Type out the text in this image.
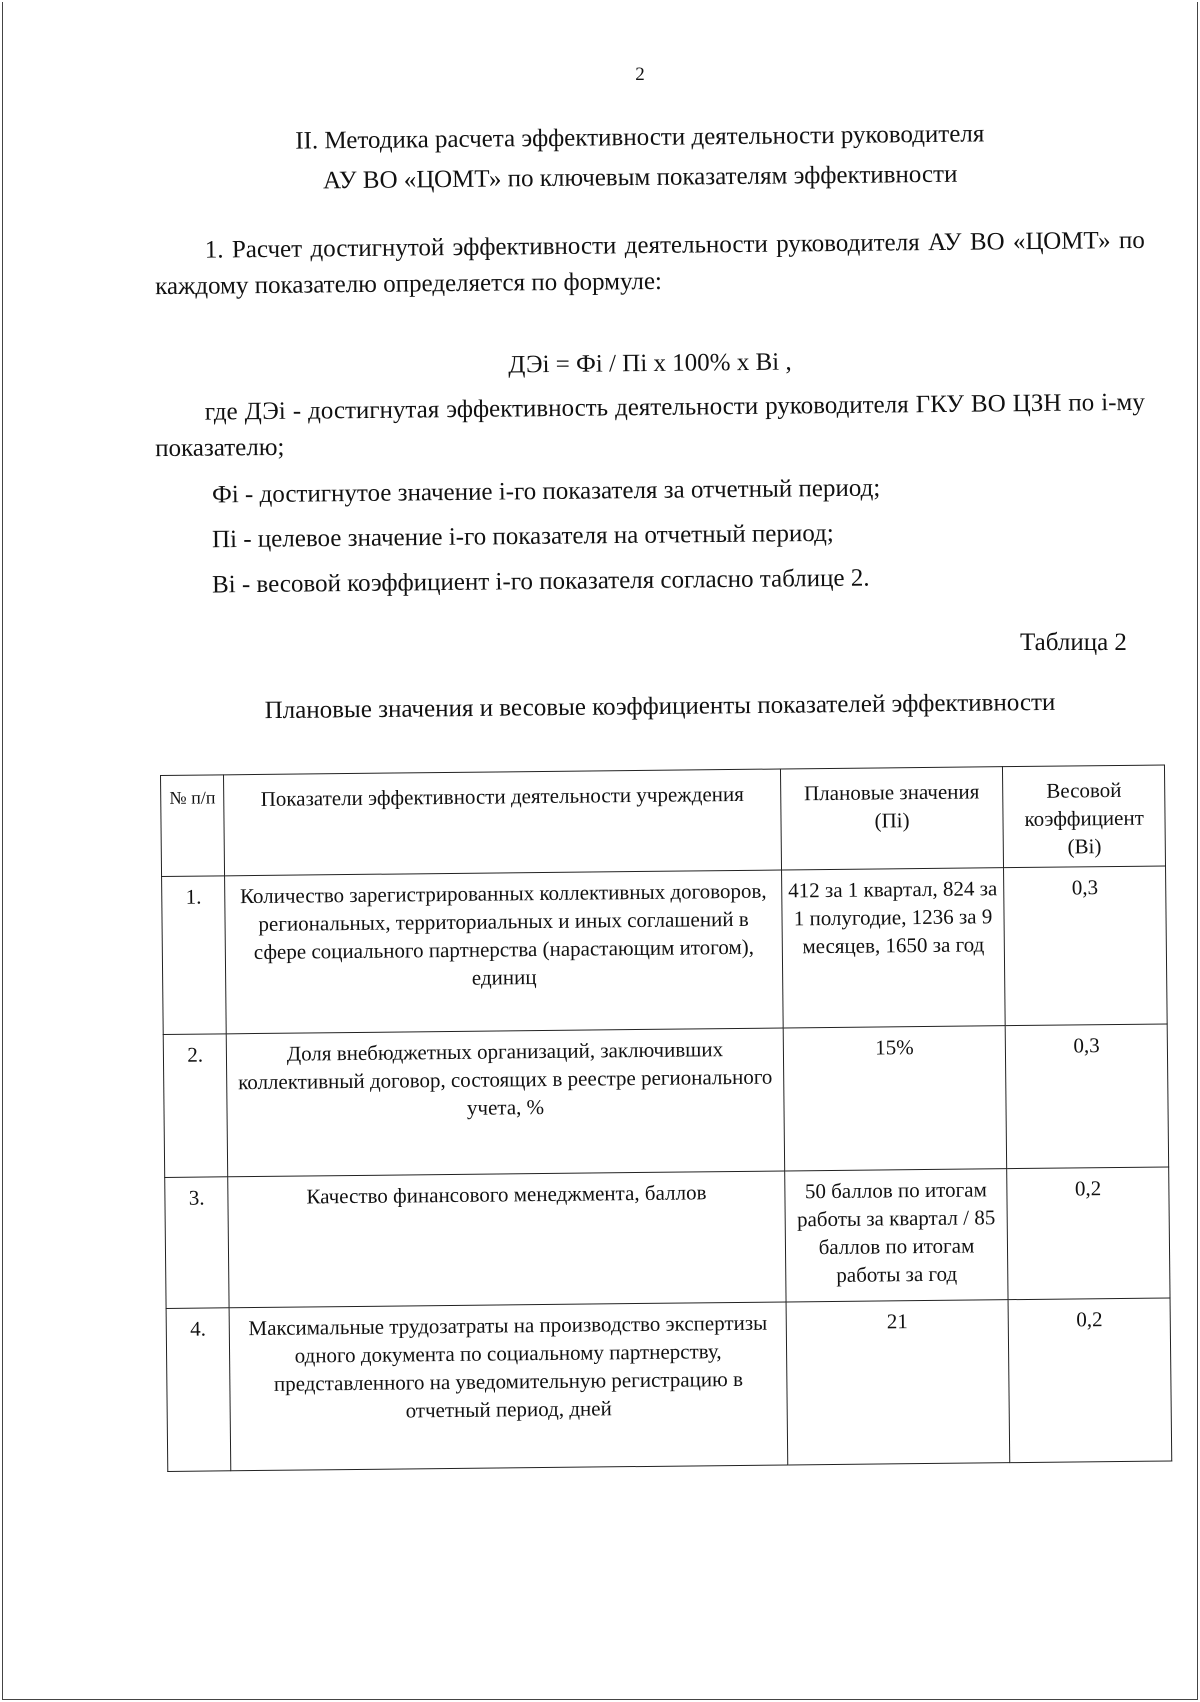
2
II. Методика расчета эффективности деятельности руководителя
АУ ВО «ЦОМТ» по ключевым показателям эффективности
1. Расчет достигнутой эффективности деятельности руководителя АУ ВО «ЦОМТ» по каждому показателю определяется по формуле:
ДЭi = Фi / Пi х 100% х Вi ,
где ДЭi - достигнутая эффективность деятельности руководителя ГКУ ВО ЦЗН по i-му показателю;
Фi - достигнутое значение i-го показателя за отчетный период;
Пi - целевое значение i-го показателя на отчетный период;
Вi - весовой коэффициент i-го показателя согласно таблице 2.
Таблица 2
Плановые значения и весовые коэффициенты показателей эффективности
№ п/п	Показатели эффективности деятельности учреждения	Плановые значения (Пi)	Весовой коэффициент (Вi)
1.	Количество зарегистрированных коллективных договоров, региональных, территориальных и иных соглашений в сфере социального партнерства (нарастающим итогом), единиц	412 за 1 квартал, 824 за 1 полугодие, 1236 за 9 месяцев, 1650 за год	0,3
2.	Доля внебюджетных организаций, заключивших коллективный договор, состоящих в реестре регионального учета, %	15%	0,3
3.	Качество финансового менеджмента, баллов	50 баллов по итогам работы за квартал / 85 баллов по итогам работы за год	0,2
4.	Максимальные трудозатраты на производство экспертизы одного документа по социальному партнерству, представленного на уведомительную регистрацию в отчетный период, дней	21	0,2
